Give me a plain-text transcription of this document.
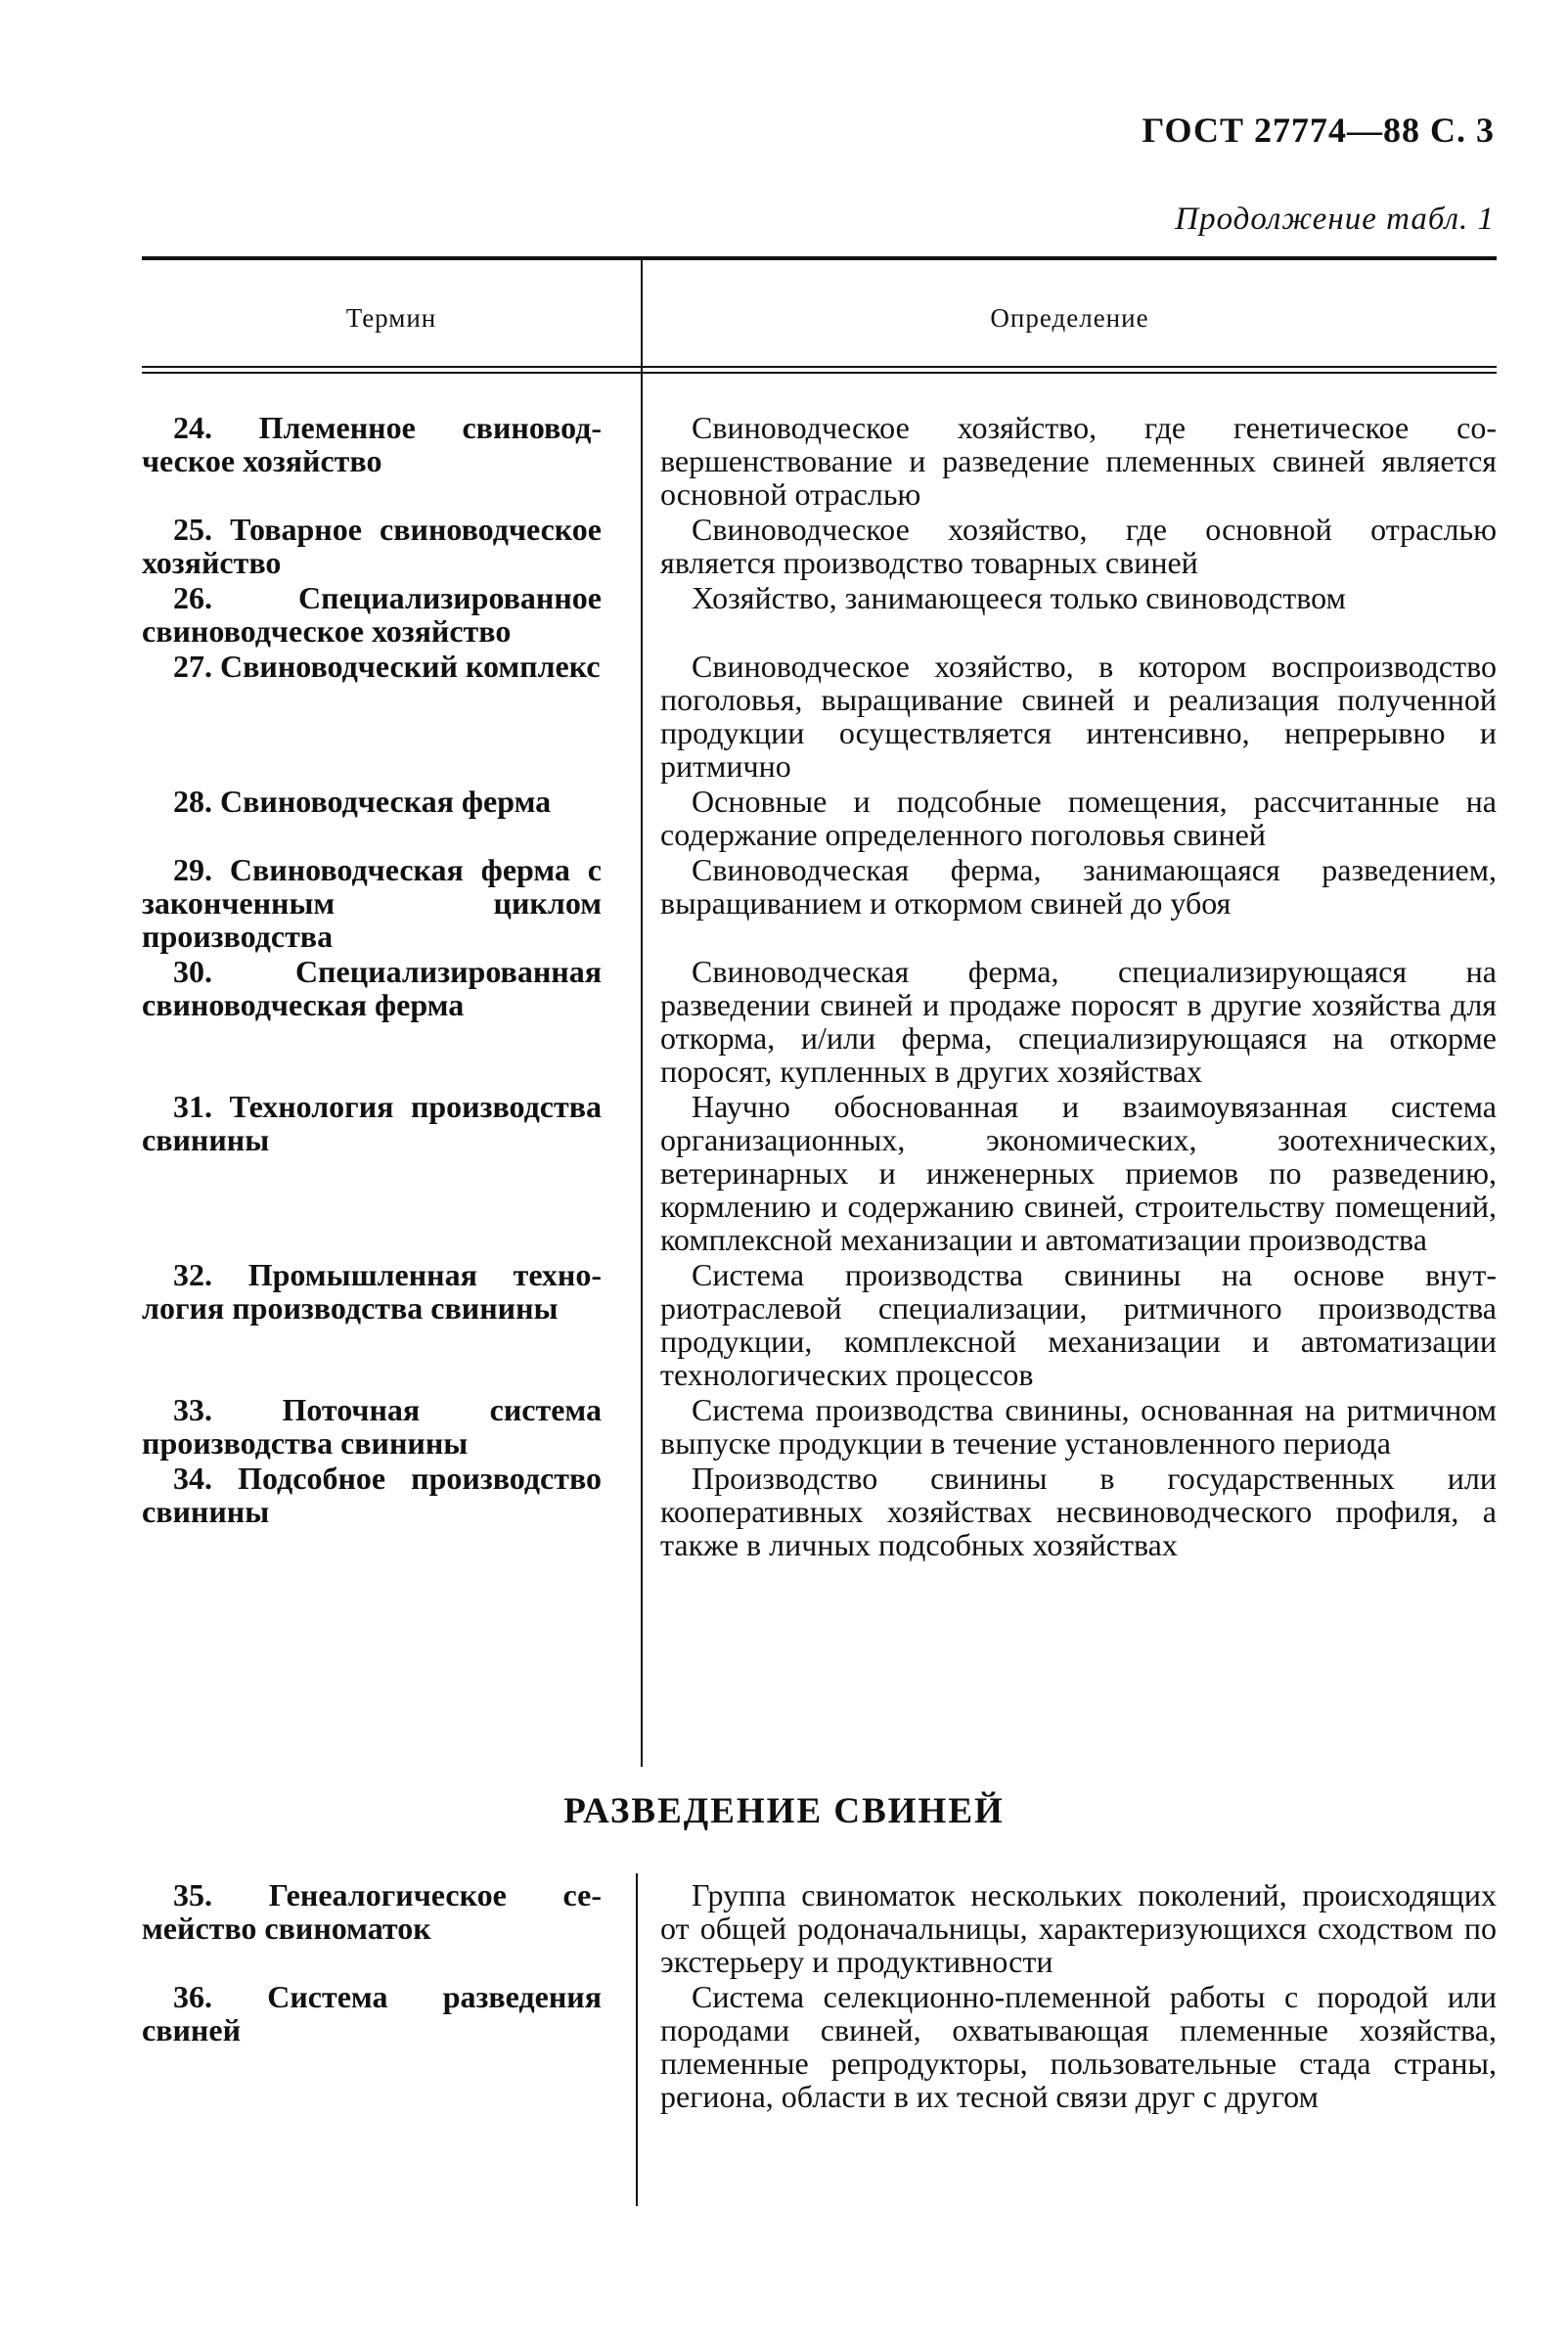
ГОСТ 27774—88 С. 3
Продолжение табл. 1
Термин	Определение
24. Племенное свиноводческое хозяйство	Свиноводческое хозяйство, где генетическое совершенствование и разведение племенных свиней является основной отраслью

25. Товарное свиноводческое хозяйство	Свиноводческое хозяйство, где основной отраслью является производство товарных свиней

26. Специализированное свиноводческое хозяйство	Хозяйство, занимающееся только свиноводством

27. Свиноводческий комплекс	Свиноводческое хозяйство, в котором воспроизводство поголовья, выращивание свиней и реализация полученной продукции осуществляется интенсивно, непрерывно и ритмично

28. Свиноводческая ферма	Основные и подсобные помещения, рассчитанные на содержание определенного поголовья свиней

29. Свиноводческая ферма с законченным циклом производства	Свиноводческая ферма, занимающаяся разведением, выращиванием и откормом свиней до убоя

30. Специализированная свиноводческая ферма	Свиноводческая ферма, специализирующаяся на разведении свиней и продаже поросят в другие хозяйства для откорма, и/или ферма, специализирующаяся на откорме поросят, купленных в других хозяйствах

31. Технология производства свинины	Научно обоснованная и взаимоувязанная система организационных, экономических, зоотехнических, ветеринарных и инженерных приемов по разведению, кормлению и содержанию свиней, строительству помещений, комплексной механизации и автоматизации производства

32. Промышленная технология производства свинины	Система производства свинины на основе внутриотраслевой специализации, ритмичного производства продукции, комплексной механизации и автоматизации технологических процессов

33. Поточная система производства свинины	Система производства свинины, основанная на ритмичном выпуске продукции в течение установленного периода

34. Подсобное производство свинины	Производство свинины в государственных или кооперативных хозяйствах несвиноводческого профиля, а также в личных подсобных хозяйствах
РАЗВЕДЕНИЕ СВИНЕЙ
35. Генеалогическое семейство свиноматок	Группа свиноматок нескольких поколений, происходящих от общей родоначальницы, характеризующихся сходством по экстерьеру и продуктивности

36. Система разведения свиней	Система селекционно-племенной работы с породой или породами свиней, охватывающая племенные хозяйства, племенные репродукторы, пользовательные стада страны, региона, области в их тесной связи друг с другом
